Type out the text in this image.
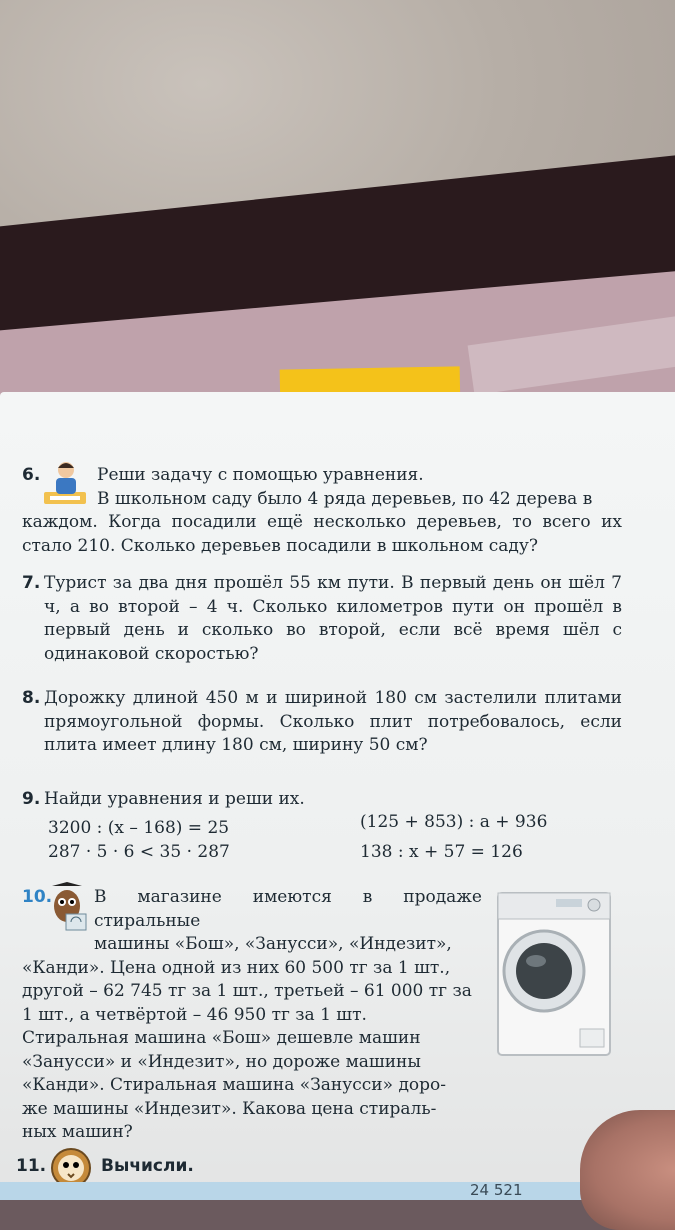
6.	Реши задачу с помощью уравнения.
В школьном саду было 4 ряда деревьев, по 42 дерева в
каждом. Когда посадили ещё несколько деревьев, то всего их стало 210. Сколько деревьев посадили в школьном саду?
7. Турист за два дня прошёл 55 км пути. В первый день он шёл 7 ч, а во второй – 4 ч. Сколько километров пути он прошёл в первый день и сколько во второй, если всё время шёл с одинаковой скоростью?
8. Дорожку длиной 450 м и шириной 180 см застелили плитами прямоугольной формы. Сколько плит потребовалось, если плита имеет длину 180 см, ширину 50 см?
9. Найди уравнения и реши их.
3200 : (x – 168) = 25
287 · 5 · 6 < 35 · 287
(125 + 853) : a + 936
138 : x + 57 = 126
10.	В магазине имеются в продаже стиральные
машины «Бош», «Занусси», «Индезит»,
«Канди». Цена одной из них 60 500 тг за 1 шт.,
другой – 62 745 тг за 1 шт., третьей – 61 000 тг за
1 шт., а четвёртой – 46 950 тг за 1 шт.
Стиральная машина «Бош» дешевле машин
«Занусси» и «Индезит», но дороже машины
«Канди». Стиральная машина «Занусси» доро-
же машины «Индезит». Какова цена стираль-
ных машин?
11.	Вычисли.
24 521
